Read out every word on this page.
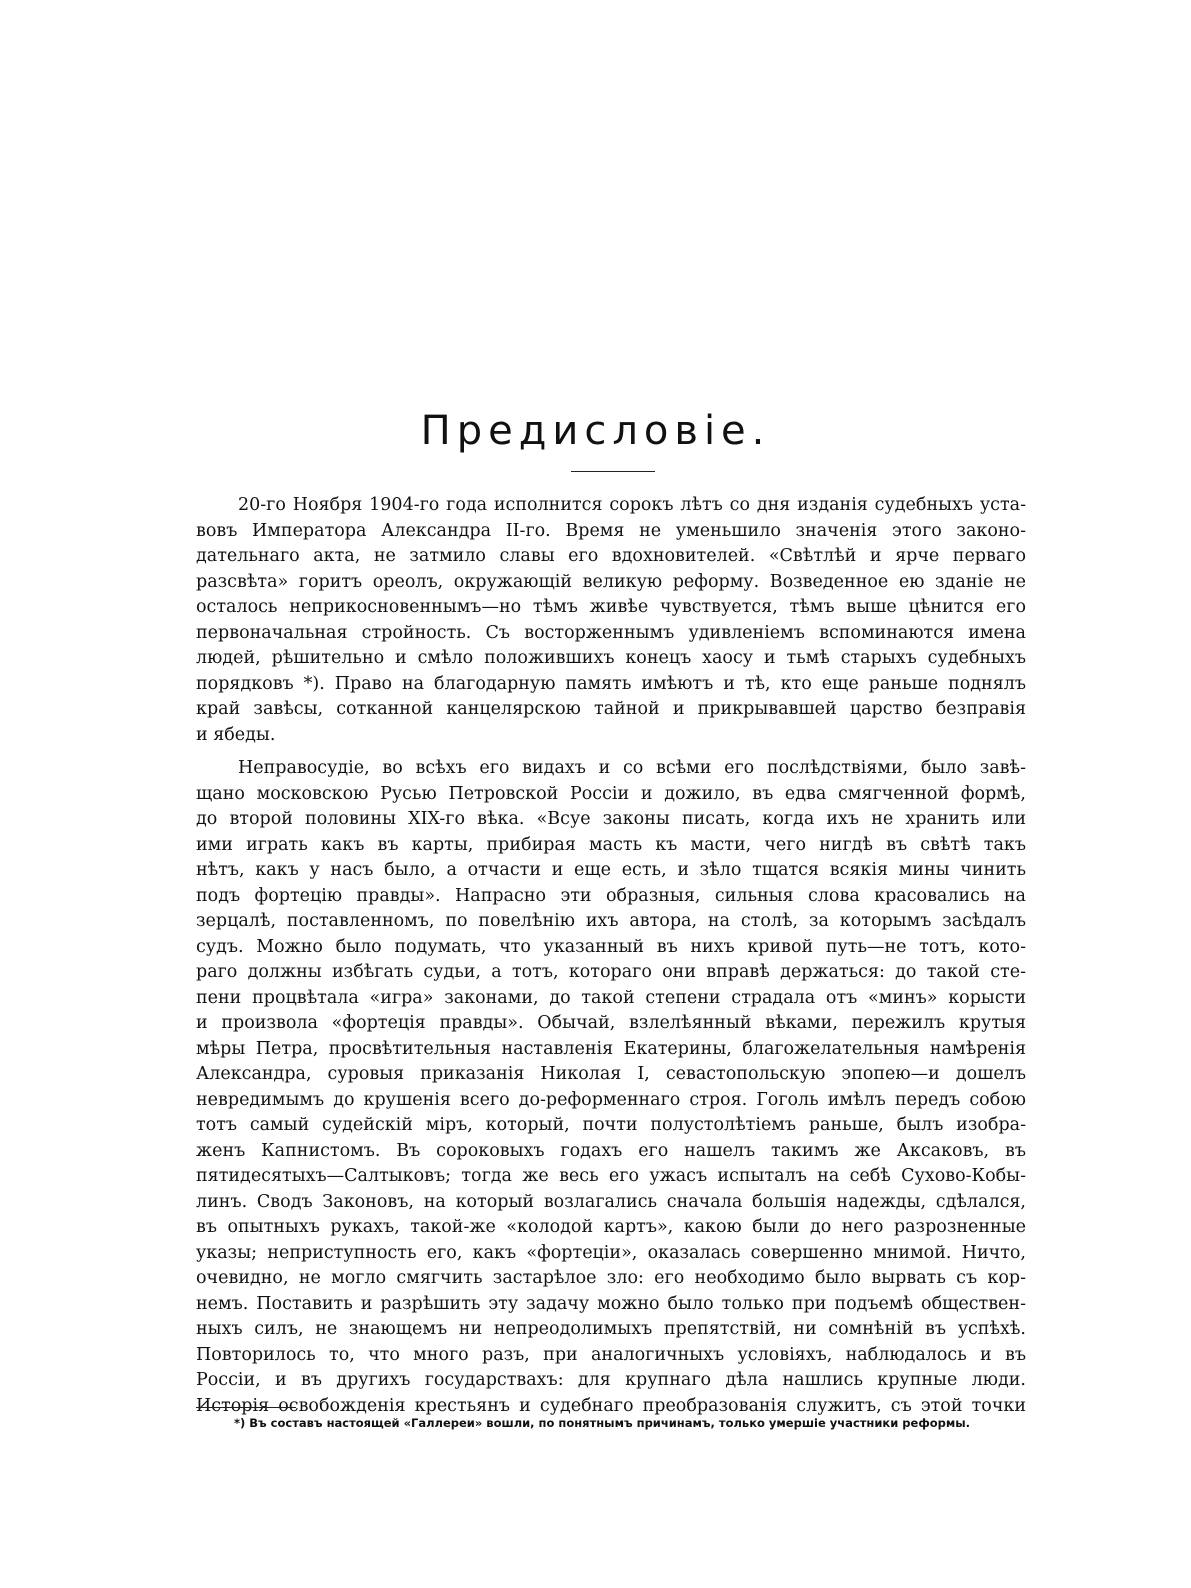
Предисловіе.
20-го Ноября 1904-го года исполнится сорокъ лѣтъ со дня изданія судебныхъ уста-
вовъ Императора Александра II-го. Время не уменьшило значенія этого законо-
дательнаго акта, не затмило славы его вдохновителей. «Свѣтлѣй и ярче перваго
разсвѣта» горитъ ореолъ, окружающій великую реформу. Возведенное ею зданіе не
осталось неприкосновеннымъ—но тѣмъ живѣе чувствуется, тѣмъ выше цѣнится его
первоначальная стройность. Съ восторженнымъ удивленіемъ вспоминаются имена
людей, рѣшительно и смѣло положившихъ конецъ хаосу и тьмѣ старыхъ судебныхъ
порядковъ *). Право на благодарную память имѣютъ и тѣ, кто еще раньше поднялъ
край завѣсы, сотканной канцелярскою тайной и прикрывавшей царство безправія
и ябеды.
Неправосудіе, во всѣхъ его видахъ и со всѣми его послѣдствіями, было завѣ-
щано московскою Русью Петровской Россіи и дожило, въ едва смягченной формѣ,
до второй половины XIX-го вѣка. «Всуе законы писать, когда ихъ не хранить или
ими играть какъ въ карты, прибирая масть къ масти, чего нигдѣ въ свѣтѣ такъ
нѣтъ, какъ у насъ было, а отчасти и еще есть, и зѣло тщатся всякія мины чинить
подъ фортецію правды». Напрасно эти образныя, сильныя слова красовались на
зерцалѣ, поставленномъ, по повелѣнію ихъ автора, на столѣ, за которымъ засѣдалъ
судъ. Можно было подумать, что указанный въ нихъ кривой путь—не тотъ, кото-
раго должны избѣгать судьи, а тотъ, котораго они вправѣ держаться: до такой сте-
пени процвѣтала «игра» законами, до такой степени страдала отъ «минъ» корысти
и произвола «фортеція правды». Обычай, взлелѣянный вѣками, пережилъ крутыя
мѣры Петра, просвѣтительныя наставленія Екатерины, благожелательныя намѣренія
Александра, суровыя приказанія Николая I, севастопольскую эпопею—и дошелъ
невредимымъ до крушенія всего до-реформеннаго строя. Гоголь имѣлъ передъ собою
тотъ самый судейскій міръ, который, почти полустолѣтіемъ раньше, былъ изобра-
женъ Капнистомъ. Въ сороковыхъ годахъ его нашелъ такимъ же Аксаковъ, въ
пятидесятыхъ—Салтыковъ; тогда же весь его ужасъ испыталъ на себѣ Сухово-Кобы-
линъ. Сводъ Законовъ, на который возлагались сначала большія надежды, сдѣлался,
въ опытныхъ рукахъ, такой-же «колодой картъ», какою были до него разрозненные
указы; неприступность его, какъ «фортеціи», оказалась совершенно мнимой. Ничто,
очевидно, не могло смягчить застарѣлое зло: его необходимо было вырвать съ кор-
немъ. Поставить и разрѣшить эту задачу можно было только при подъемѣ обществен-
ныхъ силъ, не знающемъ ни непреодолимыхъ препятствій, ни сомнѣній въ успѣхѣ.
Повторилось то, что много разъ, при аналогичныхъ условіяхъ, наблюдалось и въ
Россіи, и въ другихъ государствахъ: для крупнаго дѣла нашлись крупные люди.
Исторія освобожденія крестьянъ и судебнаго преобразованія служитъ, съ этой точки
*) Въ составъ настоящей «Галлереи» вошли, по понятнымъ причинамъ, только умершіе участники реформы.
